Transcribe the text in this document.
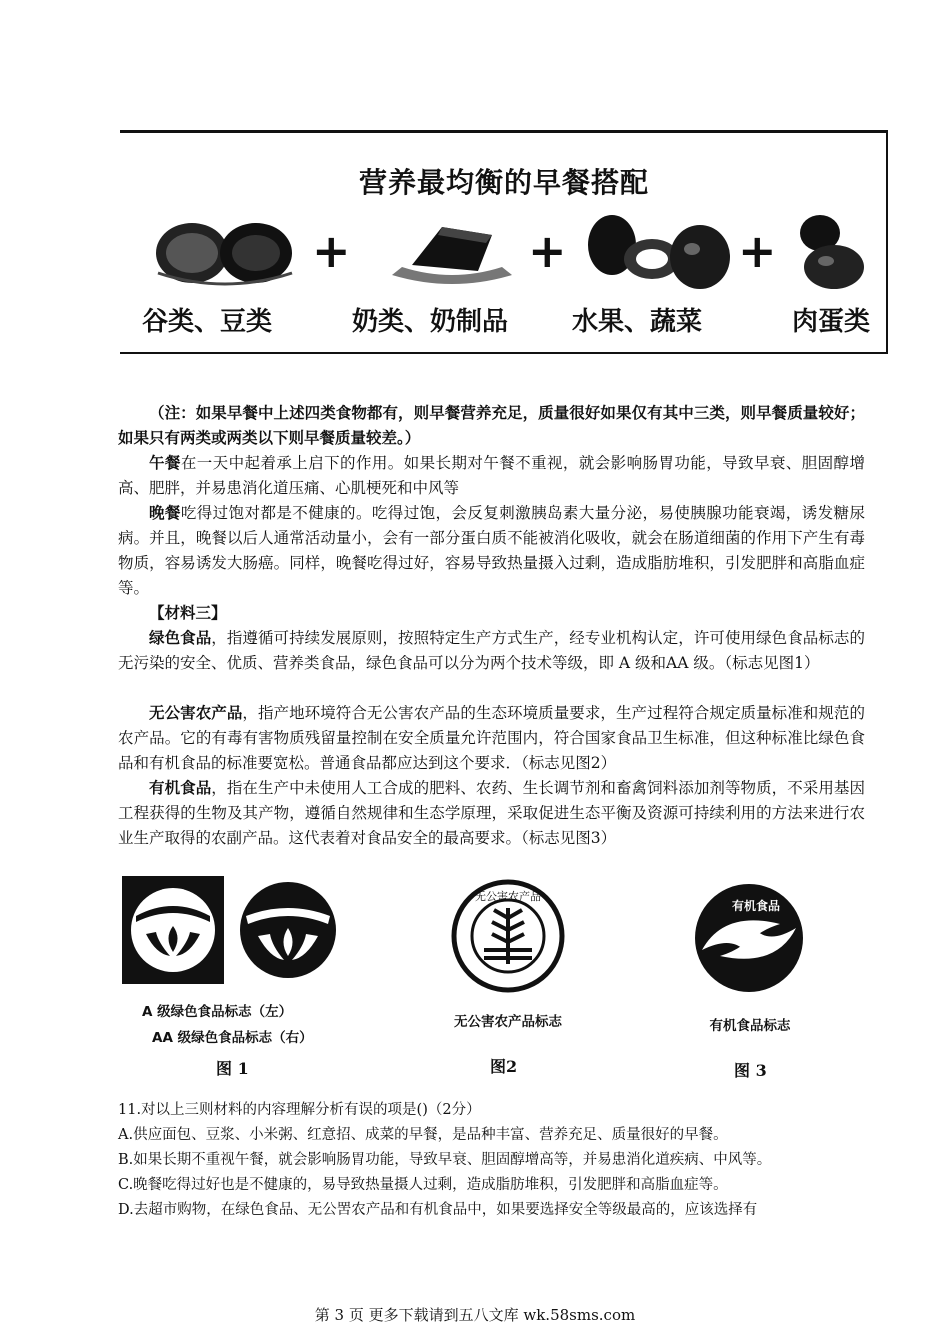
营养最均衡的早餐搭配
+	+	+
谷类、豆类	奶类、奶制品 水果、蔬菜	肉蛋类
（注：如果早餐中上述四类食物都有，则早餐营养充足，质量很好如果仅有其中三类，则早餐质量较好；如果只有两类或两类以下则早餐质量较差。）
午餐在一天中起着承上启下的作用。如果长期对午餐不重视，就会影响肠胃功能，导致早衰、胆固醇增高、肥胖，并易患消化道压痛、心肌梗死和中风等
晚餐吃得过饱对都是不健康的。吃得过饱，会反复刺激胰岛素大量分泌，易使胰腺功能衰竭，诱发糖尿病。并且，晚餐以后人通常活动量小，会有一部分蛋白质不能被消化吸收，就会在肠道细菌的作用下产生有毒物质，容易诱发大肠癌。同样，晚餐吃得过好，容易导致热量摄入过剩，造成脂肪堆积，引发肥胖和高脂血症等。
【材料三】
绿色食品，指遵循可持续发展原则，按照特定生产方式生产，经专业机构认定，许可使用绿色食品标志的无污染的安全、优质、营养类食品，绿色食品可以分为两个技术等级，即 A 级和AA 级。（标志见图1）
无公害农产品，指产地环境符合无公害农产品的生态环境质量要求，生产过程符合规定质量标准和规范的农产品。它的有毒有害物质残留量控制在安全质量允许范围内，符合国家食品卫生标准，但这种标准比绿色食品和有机食品的标准要宽松。普通食品都应达到这个要求．（标志见图2）
有机食品，指在生产中未使用人工合成的肥料、农药、生长调节剂和畜禽饲料添加剂等物质，不采用基因工程获得的生物及其产物，遵循自然规律和生态学原理，采取促进生态平衡及资源可持续利用的方法来进行农业生产取得的农副产品。这代表着对食品安全的最高要求。（标志见图3）
A 级绿色食品标志（左）
AA 级绿色食品标志（右）
图 1
无公害农产品
无公害农产品标志
图2
有机食品
有机食品标志
图 3
11.对以上三则材料的内容理解分析有误的项是()（2分）
A.供应面包、豆浆、小米粥、红意招、成菜的早餐，是品种丰富、营养充足、质量很好的早餐。
B.如果长期不重视午餐，就会影响肠胃功能，导致早衰、胆固醇增高等，并易患消化道疾病、中风等。
C.晚餐吃得过好也是不健康的，易导致热量摄人过剩，造成脂肪堆积，引发肥胖和高脂血症等。
D.去超市购物，在绿色食品、无公罟农产品和有机食品中，如果要选择安全等级最高的，应该选择有
第 3 页 更多下载请到五八文库 wk.58sms.com
